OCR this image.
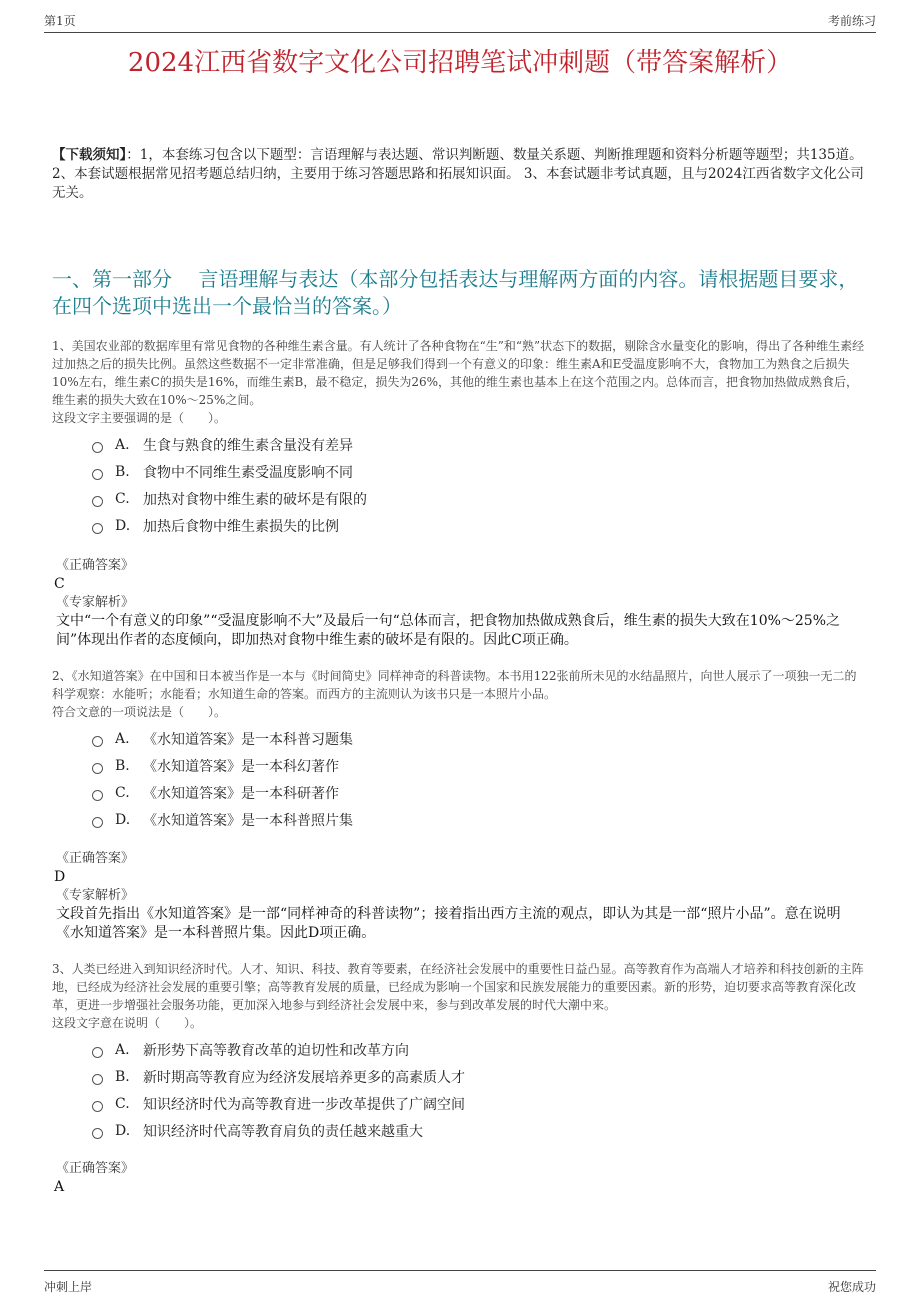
第1页	考前练习
2024江西省数字文化公司招聘笔试冲刺题（带答案解析）
【下载须知】：1，本套练习包含以下题型：言语理解与表达题、常识判断题、数量关系题、判断推理题和资料分析题等题型；共135道。 2、本套试题根据常见招考题总结归纳，主要用于练习答题思路和拓展知识面。 3、本套试题非考试真题，且与2024江西省数字文化公司无关。
一、第一部分　 言语理解与表达（本部分包括表达与理解两方面的内容。请根据题目要求，在四个选项中选出一个最恰当的答案。）

1、美国农业部的数据库里有常见食物的各种维生素含量。有人统计了各种食物在“生”和“熟”状态下的数据，剔除含水量变化的影响，得出了各种维生素经过加热之后的损失比例。虽然这些数据不一定非常准确，但是足够我们得到一个有意义的印象：维生素A和E受温度影响不大，食物加工为熟食之后损失10%左右，维生素C的损失是16%，而维生素B，最不稳定，损失为26%，其他的维生素也基本上在这个范围之内。总体而言，把食物加热做成熟食后，维生素的损失大致在10%～25%之间。

这段文字主要强调的是（　　）。

A. 生食与熟食的维生素含量没有差异
B. 食物中不同维生素受温度影响不同
C. 加热对食物中维生素的破坏是有限的
D. 加热后食物中维生素损失的比例

《正确答案》

C

《专家解析》

文中“一个有意义的印象”“受温度影响不大”及最后一句“总体而言，把食物加热做成熟食后，维生素的损失大致在10%～25%之间”体现出作者的态度倾向，即加热对食物中维生素的破坏是有限的。因此C项正确。

2、《水知道答案》在中国和日本被当作是一本与《时间简史》同样神奇的科普读物。本书用122张前所未见的水结晶照片，向世人展示了一项独一无二的科学观察：水能听；水能看；水知道生命的答案。而西方的主流则认为该书只是一本照片小品。

符合文意的一项说法是（　　）。

A. 《水知道答案》是一本科普习题集
B. 《水知道答案》是一本科幻著作
C. 《水知道答案》是一本科研著作
D. 《水知道答案》是一本科普照片集

《正确答案》

D

《专家解析》

文段首先指出《水知道答案》是一部“同样神奇的科普读物”；接着指出西方主流的观点，即认为其是一部“照片小品”。意在说明《水知道答案》是一本科普照片集。因此D项正确。

3、人类已经进入到知识经济时代。人才、知识、科技、教育等要素，在经济社会发展中的重要性日益凸显。高等教育作为高端人才培养和科技创新的主阵地，已经成为经济社会发展的重要引擎；高等教育发展的质量，已经成为影响一个国家和民族发展能力的重要因素。新的形势，迫切要求高等教育深化改革，更进一步增强社会服务功能，更加深入地参与到经济社会发展中来，参与到改革发展的时代大潮中来。

这段文字意在说明（　　）。

A. 新形势下高等教育改革的迫切性和改革方向
B. 新时期高等教育应为经济发展培养更多的高素质人才
C. 知识经济时代为高等教育进一步改革提供了广阔空间
D. 知识经济时代高等教育肩负的责任越来越重大

《正确答案》

A

冲刺上岸	祝您成功
